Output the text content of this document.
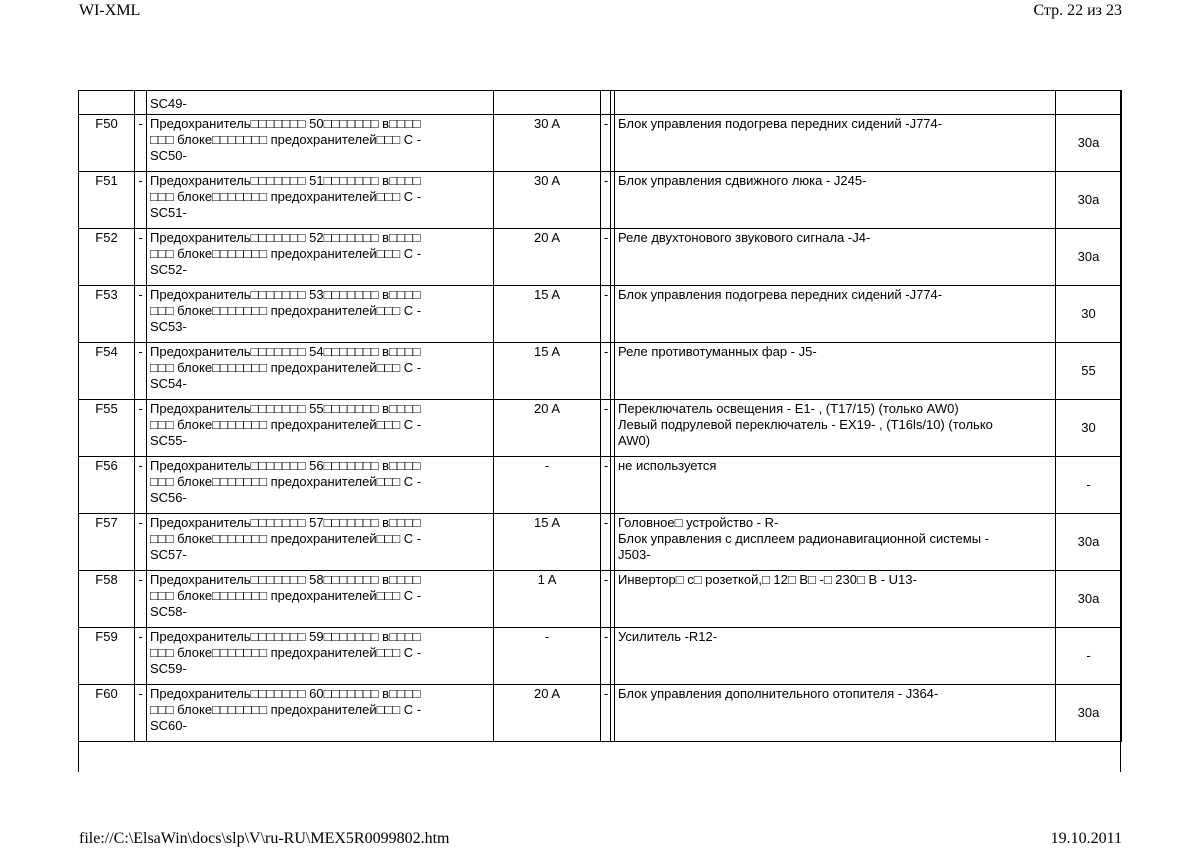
WI-XML	Стр. 22 из 23

		SC49-					

F50	-	Предохранитель□□□□□□□ 50□□□□□□□ в□□□□
□□□ блоке□□□□□□□ предохранителей□□□ C -
SC50-	30 A	-		Блок управления подогрева передних сидений -J774-	30a
F51	-	Предохранитель□□□□□□□ 51□□□□□□□ в□□□□
□□□ блоке□□□□□□□ предохранителей□□□ C -
SC51-	30 A	-		Блок управления сдвижного люка - J245-	30a
F52	-	Предохранитель□□□□□□□ 52□□□□□□□ в□□□□
□□□ блоке□□□□□□□ предохранителей□□□ C -
SC52-	20 A	-		Реле двухтонового звукового сигнала -J4-	30a
F53	-	Предохранитель□□□□□□□ 53□□□□□□□ в□□□□
□□□ блоке□□□□□□□ предохранителей□□□ C -
SC53-	15 A	-		Блок управления подогрева передних сидений -J774-	30
F54	-	Предохранитель□□□□□□□ 54□□□□□□□ в□□□□
□□□ блоке□□□□□□□ предохранителей□□□ C -
SC54-	15 A	-		Реле противотуманных фар - J5-	55
F55	-	Предохранитель□□□□□□□ 55□□□□□□□ в□□□□
□□□ блоке□□□□□□□ предохранителей□□□ C -
SC55-	20 A	-		Переключатель освещения - E1- , (T17/15) (только AW0)
Левый подрулевой переключатель - EX19- , (T16ls/10) (только
AW0)	30
F56	-	Предохранитель□□□□□□□ 56□□□□□□□ в□□□□
□□□ блоке□□□□□□□ предохранителей□□□ C -
SC56-	-	-		не используется	-
F57	-	Предохранитель□□□□□□□ 57□□□□□□□ в□□□□
□□□ блоке□□□□□□□ предохранителей□□□ C -
SC57-	15 A	-		Головное□ устройство - R-
Блок управления с дисплеем радионавигационной системы -
J503-	30a
F58	-	Предохранитель□□□□□□□ 58□□□□□□□ в□□□□
□□□ блоке□□□□□□□ предохранителей□□□ C -
SC58-	1 A	-		Инвертор□ с□ розеткой,□ 12□ В□ -□ 230□ В - U13-	30a
F59	-	Предохранитель□□□□□□□ 59□□□□□□□ в□□□□
□□□ блоке□□□□□□□ предохранителей□□□ C -
SC59-	-	-		Усилитель -R12-	-
F60	-	Предохранитель□□□□□□□ 60□□□□□□□ в□□□□
□□□ блоке□□□□□□□ предохранителей□□□ C -
SC60-	20 A	-		Блок управления дополнительного отопителя - J364-	30a
file://C:\ElsaWin\docs\slp\V\ru-RU\MEX5R0099802.htm	19.10.2011
